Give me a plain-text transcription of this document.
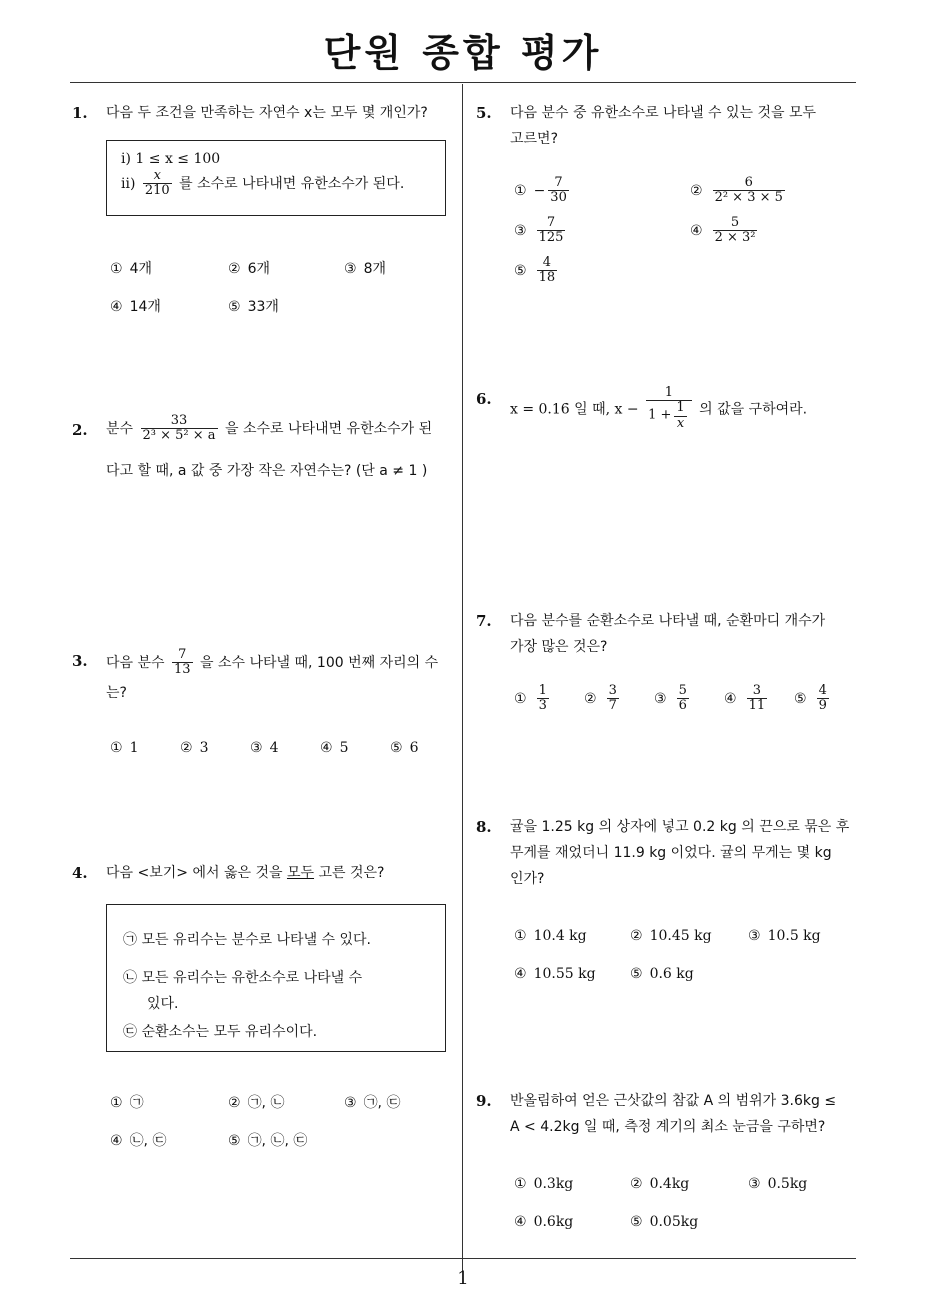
단원 종합 평가
1
1. 다음 두 조건을 만족하는 자연수 x는 모두 몇 개인가?
ⅰ) 1 ≤ x ≤ 100
ⅱ) $\frac{x}{210}$ 를 소수로 나타내면 유한소수가 된다.
① 4개	② 6개	③ 8개
④ 14개	⑤ 33개
2. 분수 $\frac{33}{\text{2³ × 5² × a}}$ 을 소수로 나타내면 유한소수가 된
다고 할 때, a 값 중 가장 작은 자연수는? (단 a ≠ 1 )
3. 다음 분수 $\frac{7}{13}$ 을 소수 나타낼 때, 100 번째 자리의 수
는?
① 1	② 3	③ 4	④ 5	⑤ 6
4. 다음 <보기> 에서 옳은 것을 모두 고른 것은?
㉠ 모든 유리수는 분수로 나타낼 수 있다.
㉡ 모든 유리수는 유한소수로 나타낼 수
있다.
㉢ 순환소수는 모두 유리수이다.
① ㉠	② ㉠, ㉡	③ ㉠, ㉢
④ ㉡, ㉢	⑤ ㉠, ㉡, ㉢
5. 다음 분수 중 유한소수로 나타낼 수 있는 것을 모두
고르면?
① − $\frac{7}{30}$	② $\frac{6}{\text{2² × 3 × 5}}$
③ $\frac{7}{125}$	④ $\frac{5}{\text{2 × 3²}}$
⑤ $\frac{4}{18}$
6.
x = 0.16̇ 일 때, $x - \frac{1}{1 + \frac{1}{x}}$ 의 값을 구하여라.
7. 다음 분수를 순환소수로 나타낼 때, 순환마디 개수가
가장 많은 것은?
① $\frac{1}{3}$	② $\frac{3}{7}$	③ $\frac{5}{6}$	④ $\frac{3}{11}$ ⑤ $\frac{4}{9}$
8. 귤을 1.25 kg 의 상자에 넣고 0.2 kg 의 끈으로 묶은 후
무게를 재었더니 11.9 kg 이었다. 귤의 무게는 몇 kg
인가?
① 10.4 kg	② 10.45 kg	③ 10.5 kg
④ 10.55 kg ⑤ 0.6 kg
9. 반올림하여 얻은 근삿값의 참값 A 의 범위가 3.6kg ≤
A < 4.2kg 일 때, 측정 계기의 최소 눈금을 구하면?
① 0.3kg	② 0.4kg	③ 0.5kg
④ 0.6kg	⑤ 0.05kg
